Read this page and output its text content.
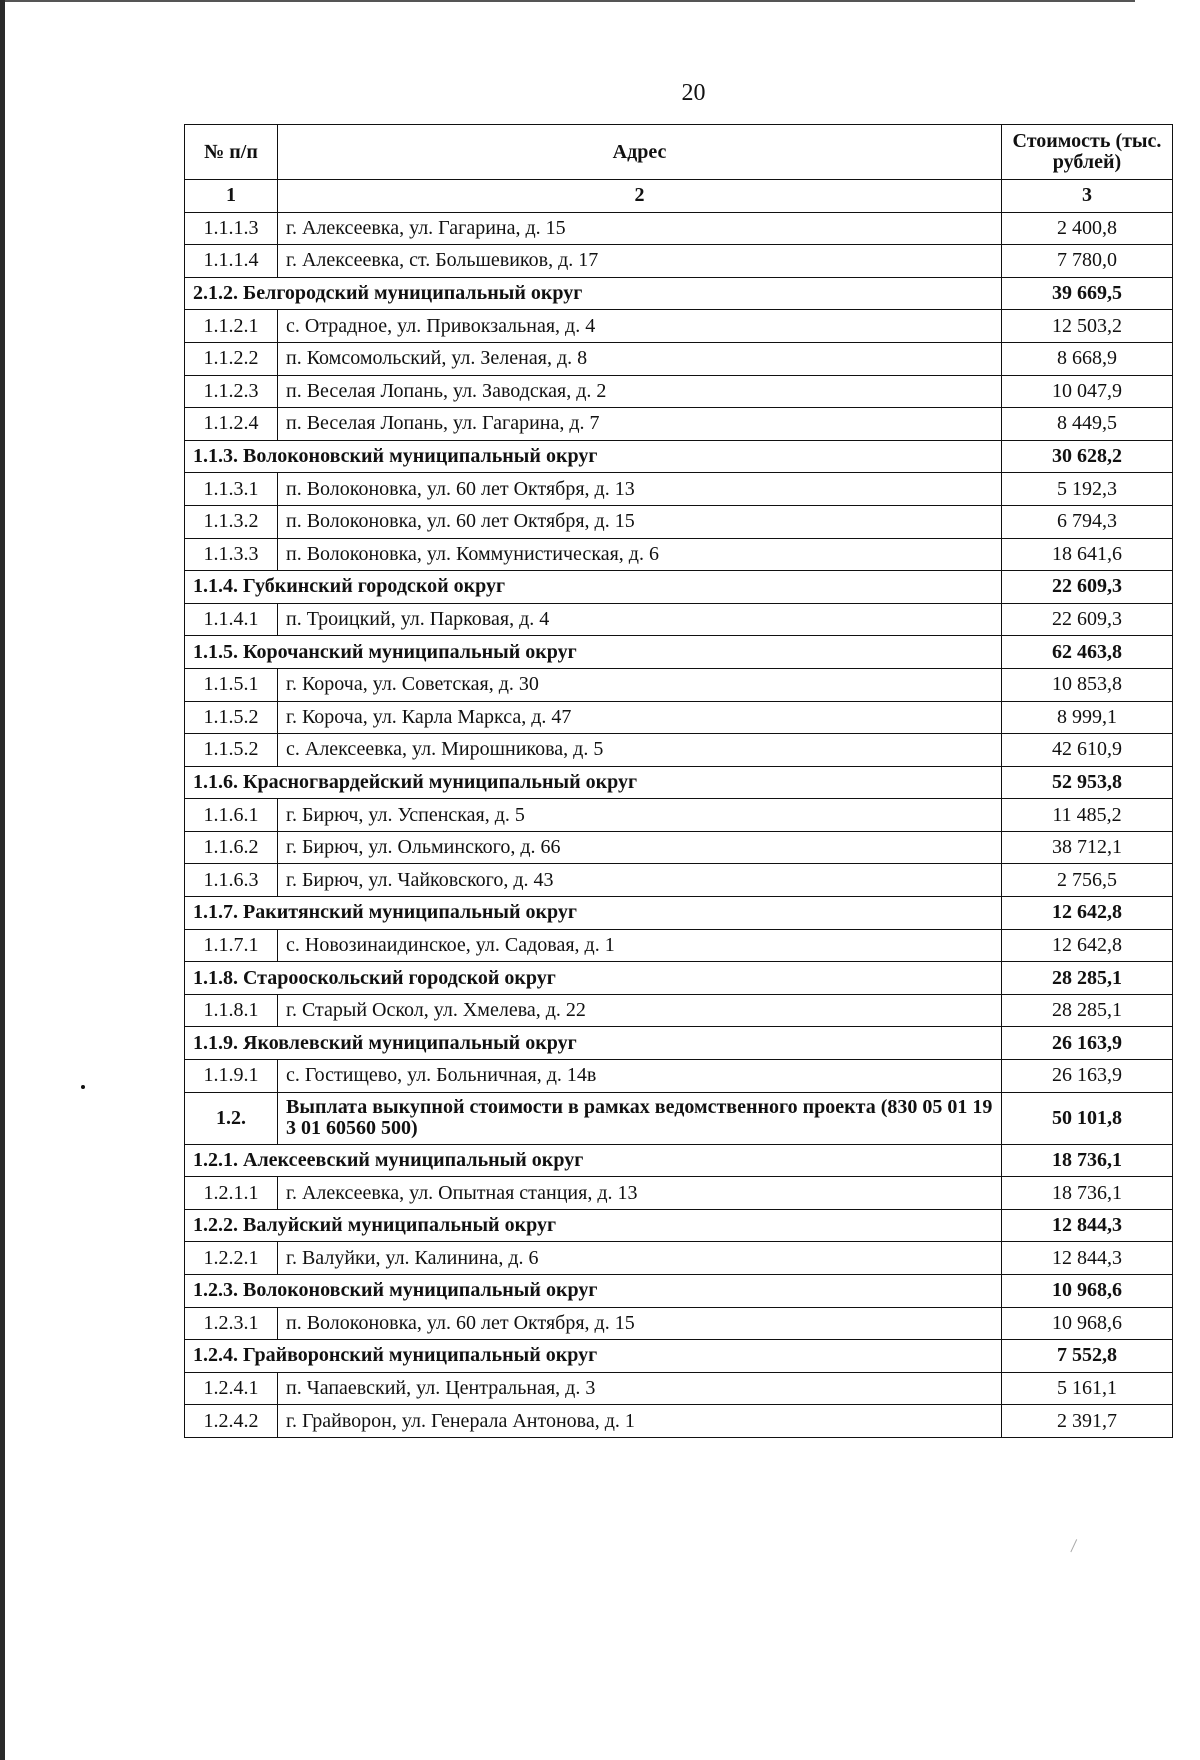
20
№ п/п	Адрес	Стоимость (тыс. рублей)
1	2	3
1.1.1.3	г. Алексеевка, ул. Гагарина, д. 15	2 400,8
1.1.1.4	г. Алексеевка, ст. Большевиков, д. 17	7 780,0
2.1.2. Белгородский муниципальный округ		39 669,5
1.1.2.1	с. Отрадное, ул. Привокзальная, д. 4	12 503,2
1.1.2.2	п. Комсомольский, ул. Зеленая, д. 8	8 668,9
1.1.2.3	п. Веселая Лопань, ул. Заводская, д. 2	10 047,9
1.1.2.4	п. Веселая Лопань, ул. Гагарина, д. 7	8 449,5
1.1.3. Волоконовский муниципальный округ		30 628,2
1.1.3.1	п. Волоконовка, ул. 60 лет Октября, д. 13	5 192,3
1.1.3.2	п. Волоконовка, ул. 60 лет Октября, д. 15	6 794,3
1.1.3.3	п. Волоконовка, ул. Коммунистическая, д. 6	18 641,6
1.1.4. Губкинский городской округ		22 609,3
1.1.4.1	п. Троицкий, ул. Парковая, д. 4	22 609,3
1.1.5. Корочанский муниципальный округ		62 463,8
1.1.5.1	г. Короча, ул. Советская, д. 30	10 853,8
1.1.5.2	г. Короча, ул. Карла Маркса, д. 47	8 999,1
1.1.5.2	с. Алексеевка, ул. Мирошникова, д. 5	42 610,9
1.1.6. Красногвардейский муниципальный округ		52 953,8
1.1.6.1	г. Бирюч, ул. Успенская, д. 5	11 485,2
1.1.6.2	г. Бирюч, ул. Ольминского, д. 66	38 712,1
1.1.6.3	г. Бирюч, ул. Чайковского, д. 43	2 756,5
1.1.7. Ракитянский муниципальный округ		12 642,8
1.1.7.1	с. Новозинаидинское, ул. Садовая, д. 1	12 642,8
1.1.8. Старооскольский городской округ		28 285,1
1.1.8.1	г. Старый Оскол, ул. Хмелева, д. 22	28 285,1
1.1.9. Яковлевский муниципальный округ		26 163,9
1.1.9.1	с. Гостищево, ул. Больничная, д. 14в	26 163,9
1.2.	Выплата выкупной стоимости в рамках ведомственного проекта (830 05 01 19 3 01 60560 500)	50 101,8
1.2.1. Алексеевский муниципальный округ		18 736,1
1.2.1.1	г. Алексеевка, ул. Опытная станция, д. 13	18 736,1
1.2.2. Валуйский муниципальный округ		12 844,3
1.2.2.1	г. Валуйки, ул. Калинина, д. 6	12 844,3
1.2.3. Волоконовский муниципальный округ		10 968,6
1.2.3.1	п. Волоконовка, ул. 60 лет Октября, д. 15	10 968,6
1.2.4. Грайворонский муниципальный округ		7 552,8
1.2.4.1	п. Чапаевский, ул. Центральная, д. 3	5 161,1
1.2.4.2	г. Грайворон, ул. Генерала Антонова, д. 1	2 391,7
